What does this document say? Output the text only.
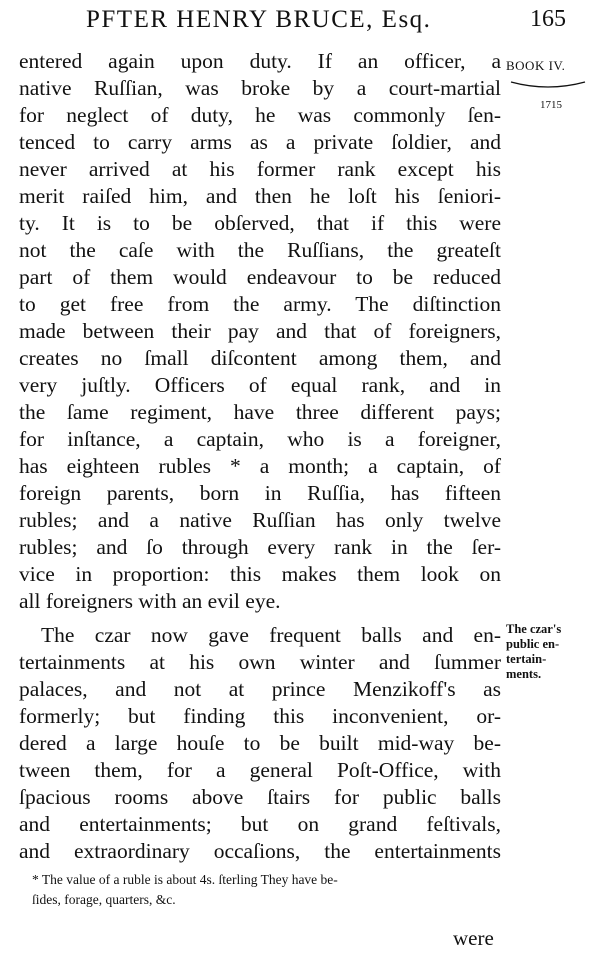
PFTER HENRY BRUCE, Esq.	165
BOOK IV.
1715
The czar's
public en-
tertain-
ments.
entered again upon duty. If an officer, a
native Ruſſian, was broke by a court-martial
for neglect of duty, he was commonly ſen-
tenced to carry arms as a private ſoldier, and
never arrived at his former rank except his
merit raiſed him, and then he loſt his ſeniori-
ty. It is to be obſerved, that if this were
not the caſe with the Ruſſians, the greateſt
part of them would endeavour to be reduced
to get free from the army. The diſtinction
made between their pay and that of foreigners,
creates no ſmall diſcontent among them, and
very juſtly. Officers of equal rank, and in
the ſame regiment, have three different pays;
for inſtance, a captain, who is a foreigner,
has eighteen rubles * a month; a captain, of
foreign parents, born in Ruſſia, has fifteen
rubles; and a native Ruſſian has only twelve
rubles; and ſo through every rank in the ſer-
vice in proportion: this makes them look on
all foreigners with an evil eye.
The czar now gave frequent balls and en-
tertainments at his own winter and ſummer
palaces, and not at prince Menzikoff's as
formerly; but finding this inconvenient, or-
dered a large houſe to be built mid-way be-
tween them, for a general Poſt-Office, with
ſpacious rooms above ſtairs for public balls
and entertainments; but on grand feſtivals,
and extraordinary occaſions, the entertainments
* The value of a ruble is about 4s. ſterling They have be-
ſides, forage, quarters, &c.
were
